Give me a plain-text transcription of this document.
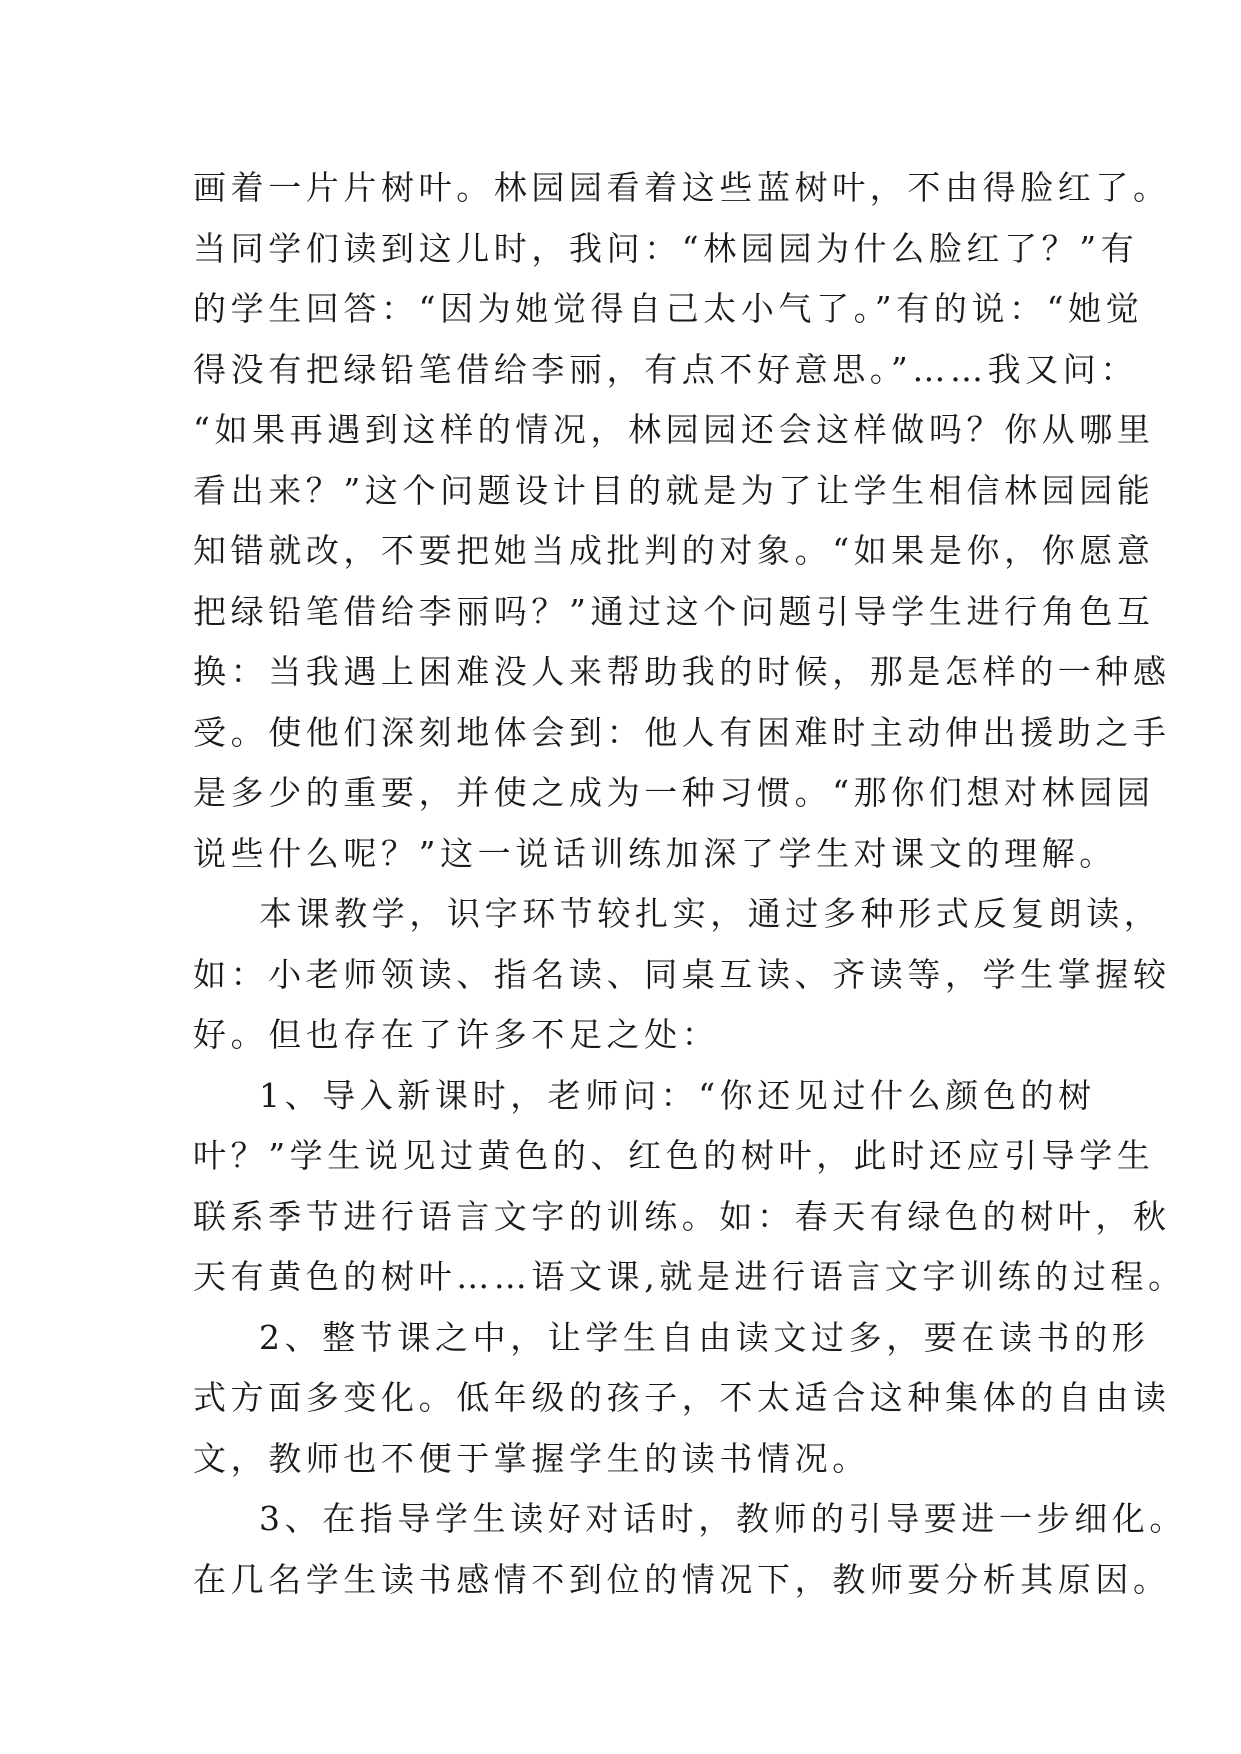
画着一片片树叶。林园园看着这些蓝树叶，不由得脸红了。
当同学们读到这儿时，我问：“林园园为什么脸红了？”有
的学生回答：“因为她觉得自己太小气了。”有的说：“她觉
得没有把绿铅笔借给李丽，有点不好意思。”……我又问：
“如果再遇到这样的情况，林园园还会这样做吗？你从哪里
看出来？”这个问题设计目的就是为了让学生相信林园园能
知错就改，不要把她当成批判的对象。“如果是你，你愿意
把绿铅笔借给李丽吗？”通过这个问题引导学生进行角色互
换：当我遇上困难没人来帮助我的时候，那是怎样的一种感
受。使他们深刻地体会到：他人有困难时主动伸出援助之手
是多少的重要，并使之成为一种习惯。“那你们想对林园园
说些什么呢？”这一说话训练加深了学生对课文的理解。
本课教学，识字环节较扎实，通过多种形式反复朗读，
如：小老师领读、指名读、同桌互读、齐读等，学生掌握较
好。但也存在了许多不足之处：
1、导入新课时，老师问：“你还见过什么颜色的树
叶？”学生说见过黄色的、红色的树叶，此时还应引导学生
联系季节进行语言文字的训练。如：春天有绿色的树叶，秋
天有黄色的树叶……语文课,就是进行语言文字训练的过程。
2、整节课之中，让学生自由读文过多，要在读书的形
式方面多变化。低年级的孩子，不太适合这种集体的自由读
文，教师也不便于掌握学生的读书情况。
3、在指导学生读好对话时，教师的引导要进一步细化。
在几名学生读书感情不到位的情况下，教师要分析其原因。
